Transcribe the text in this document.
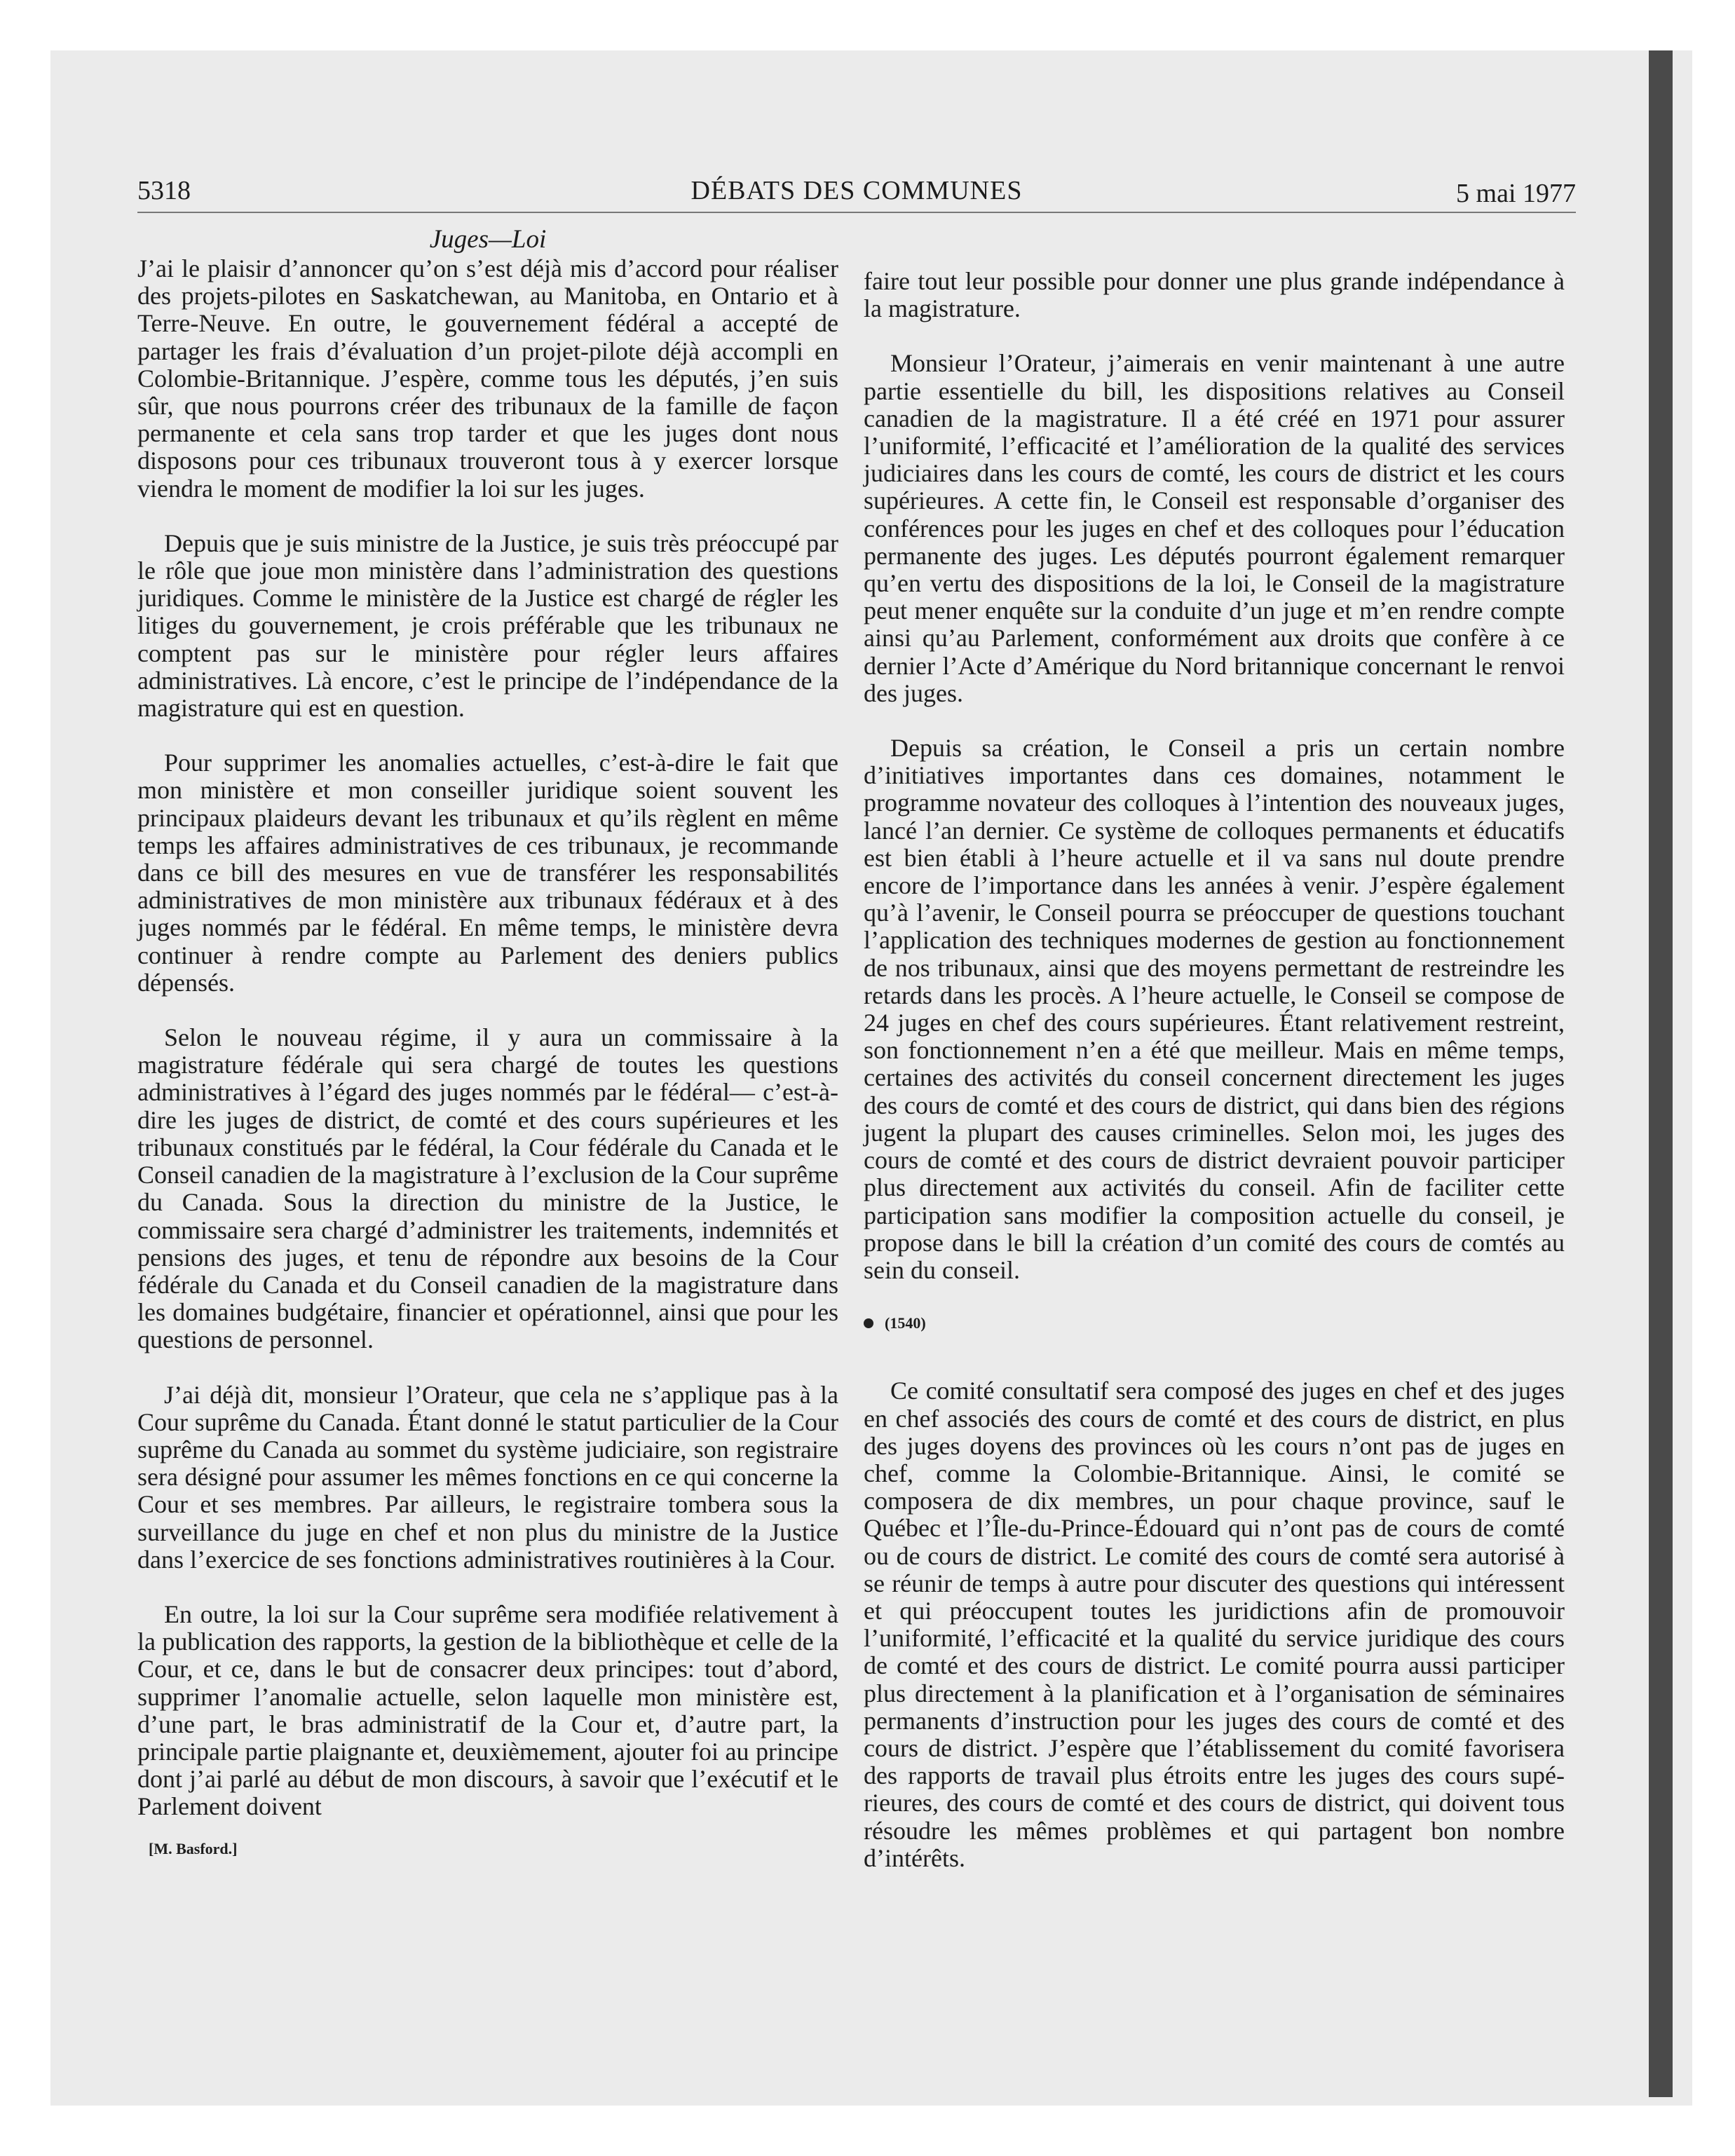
5318	DÉBATS DES COMMUNES	5 mai 1977
Juges—Loi

J’ai le plaisir d’annoncer qu’on s’est déjà mis d’accord pour réaliser des projets-pilotes en Saskatchewan, au Manitoba, en Ontario et à Terre-Neuve. En outre, le gouvernement fédéral a accepté de partager les frais d’évaluation d’un projet-pilote déjà accompli en Colombie-Britannique. J’espère, comme tous les députés, j’en suis sûr, que nous pourrons créer des tribunaux de la famille de façon permanente et cela sans trop tarder et que les juges dont nous disposons pour ces tribunaux trouveront tous à y exercer lorsque viendra le moment de modifier la loi sur les juges.

Depuis que je suis ministre de la Justice, je suis très préoccupé par le rôle que joue mon ministère dans l’administration des questions juridiques. Comme le ministère de la Justice est chargé de régler les litiges du gouvernement, je crois préférable que les tribunaux ne comptent pas sur le ministère pour régler leurs affaires administratives. Là encore, c’est le principe de l’indépendance de la magistrature qui est en question.

Pour supprimer les anomalies actuelles, c’est-à-dire le fait que mon ministère et mon conseiller juridique soient souvent les principaux plaideurs devant les tribunaux et qu’ils règlent en même temps les affaires administratives de ces tribunaux, je recommande dans ce bill des mesures en vue de transférer les responsabilités administratives de mon ministère aux tribunaux fédéraux et à des juges nommés par le fédéral. En même temps, le ministère devra continuer à rendre compte au Parlement des deniers publics dépensés.

Selon le nouveau régime, il y aura un commissaire à la magistrature fédérale qui sera chargé de toutes les questions administratives à l’égard des juges nommés par le fédéral— c’est-à-dire les juges de district, de comté et des cours supérieures et les tribunaux constitués par le fédéral, la Cour fédérale du Canada et le Conseil canadien de la magistrature à l’exclusion de la Cour suprême du Canada. Sous la direction du ministre de la Justice, le commissaire sera chargé d’administrer les traitements, indemnités et pensions des juges, et tenu de répondre aux besoins de la Cour fédérale du Canada et du Conseil canadien de la magistrature dans les domaines budgétaire, financier et opérationnel, ainsi que pour les questions de personnel.

J’ai déjà dit, monsieur l’Orateur, que cela ne s’applique pas à la Cour suprême du Canada. Étant donné le statut particulier de la Cour suprême du Canada au sommet du système judiciaire, son registraire sera désigné pour assumer les mêmes fonctions en ce qui concerne la Cour et ses membres. Par ailleurs, le registraire tombera sous la surveillance du juge en chef et non plus du ministre de la Justice dans l’exercice de ses fonctions administratives routinières à la Cour.

En outre, la loi sur la Cour suprême sera modifiée relativement à la publication des rapports, la gestion de la bibliothèque et celle de la Cour, et ce, dans le but de consacrer deux principes: tout d’abord, supprimer l’anomalie actuelle, selon laquelle mon ministère est, d’une part, le bras administratif de la Cour et, d’autre part, la principale partie plaignante et, deuxièmement, ajouter foi au principe dont j’ai parlé au début de mon discours, à savoir que l’exécutif et le Parlement doivent

[M. Basford.]

faire tout leur possible pour donner une plus grande indépendance à la magistrature.

Monsieur l’Orateur, j’aimerais en venir maintenant à une autre partie essentielle du bill, les dispositions relatives au Conseil canadien de la magistrature. Il a été créé en 1971 pour assurer l’uniformité, l’efficacité et l’amélioration de la qualité des services judiciaires dans les cours de comté, les cours de district et les cours supérieures. A cette fin, le Conseil est responsable d’organiser des conférences pour les juges en chef et des colloques pour l’éducation permanente des juges. Les députés pourront également remarquer qu’en vertu des dispositions de la loi, le Conseil de la magistrature peut mener enquête sur la conduite d’un juge et m’en rendre compte ainsi qu’au Parlement, conformément aux droits que confère à ce dernier l’Acte d’Amérique du Nord britannique concernant le renvoi des juges.

Depuis sa création, le Conseil a pris un certain nombre d’initiatives importantes dans ces domaines, notamment le programme novateur des colloques à l’intention des nouveaux juges, lancé l’an dernier. Ce système de colloques permanents et éducatifs est bien établi à l’heure actuelle et il va sans nul doute prendre encore de l’importance dans les années à venir. J’espère également qu’à l’avenir, le Conseil pourra se préoccuper de questions touchant l’application des techniques modernes de gestion au fonctionnement de nos tribunaux, ainsi que des moyens permettant de restreindre les retards dans les procès. A l’heure actuelle, le Conseil se compose de 24 juges en chef des cours supérieures. Étant relativement restreint, son fonctionnement n’en a été que meilleur. Mais en même temps, certaines des activités du conseil concernent directement les juges des cours de comté et des cours de district, qui dans bien des régions jugent la plupart des causes criminelles. Selon moi, les juges des cours de comté et des cours de district devraient pouvoir participer plus directement aux activités du conseil. Afin de faciliter cette participation sans modifier la composition actuelle du conseil, je propose dans le bill la création d’un comité des cours de comtés au sein du conseil.

(1540)

Ce comité consultatif sera composé des juges en chef et des juges en chef associés des cours de comté et des cours de district, en plus des juges doyens des provinces où les cours n’ont pas de juges en chef, comme la Colombie-Britannique. Ainsi, le comité se composera de dix membres, un pour chaque province, sauf le Québec et l’Île-du-Prince-Édouard qui n’ont pas de cours de comté ou de cours de district. Le comité des cours de comté sera autorisé à se réunir de temps à autre pour discuter des questions qui intéressent et qui préoccupent toutes les juridictions afin de promouvoir l’uniformité, l’efficacité et la qualité du service juridique des cours de comté et des cours de district. Le comité pourra aussi participer plus directement à la planification et à l’organisation de séminaires permanents d’instruction pour les juges des cours de comté et des cours de district. J’espère que l’établissement du comité favorisera des rapports de travail plus étroits entre les juges des cours supérieures, des cours de comté et des cours de district, qui doivent tous résoudre les mêmes problèmes et qui partagent bon nombre d’intérêts.
